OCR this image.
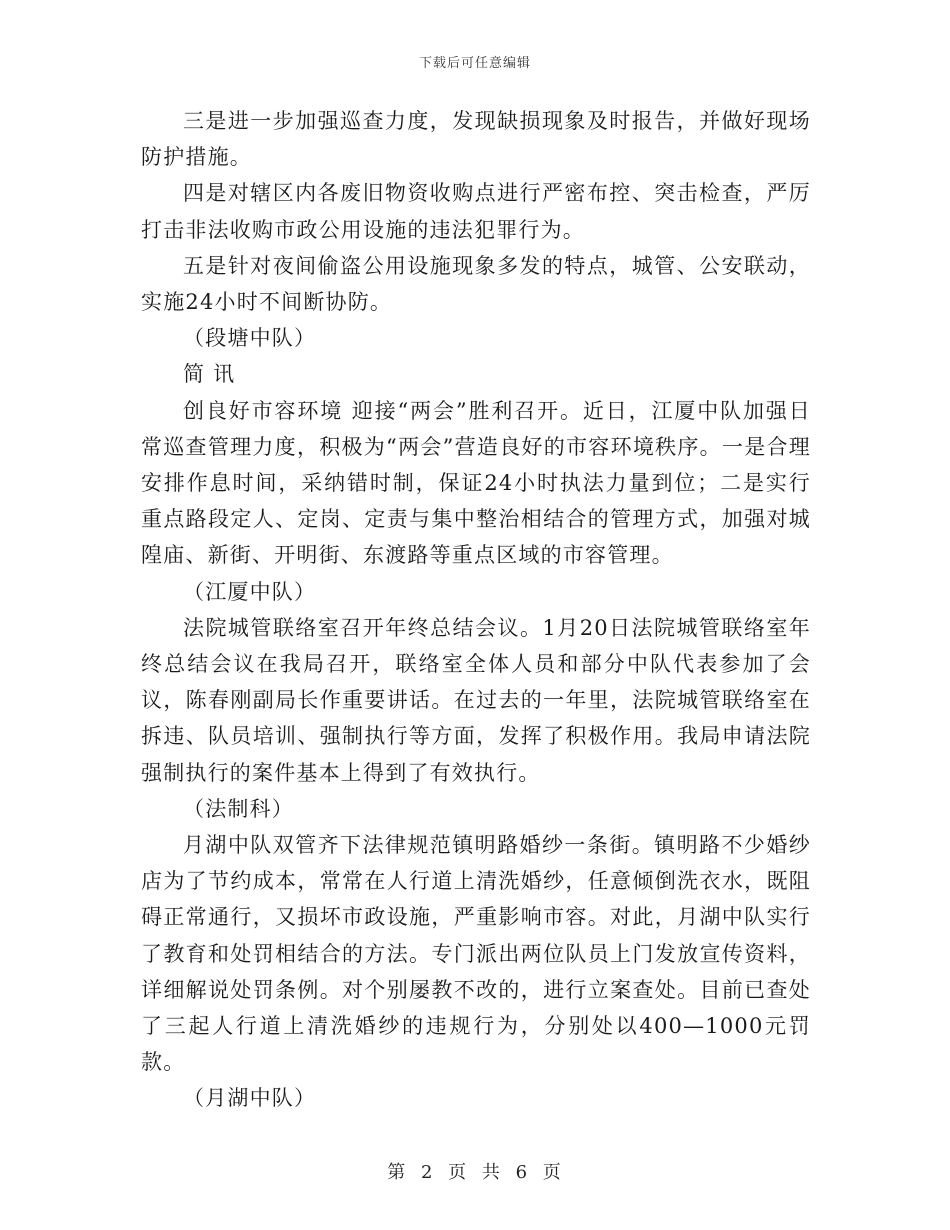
下载后可任意编辑

三是进一步加强巡查力度，发现缺损现象及时报告，并做好现场防护措施。

四是对辖区内各废旧物资收购点进行严密布控、突击检查，严厉打击非法收购市政公用设施的违法犯罪行为。

五是针对夜间偷盗公用设施现象多发的特点，城管、公安联动，实施24小时不间断协防。

（段塘中队）

简 讯

创良好市容环境 迎接“两会”胜利召开。近日，江厦中队加强日常巡查管理力度，积极为“两会”营造良好的市容环境秩序。一是合理安排作息时间，采纳错时制，保证24小时执法力量到位；二是实行重点路段定人、定岗、定责与集中整治相结合的管理方式，加强对城隍庙、新街、开明街、东渡路等重点区域的市容管理。

（江厦中队）

法院城管联络室召开年终总结会议。1月20日法院城管联络室年终总结会议在我局召开，联络室全体人员和部分中队代表参加了会议，陈春刚副局长作重要讲话。在过去的一年里，法院城管联络室在拆违、队员培训、强制执行等方面，发挥了积极作用。我局申请法院强制执行的案件基本上得到了有效执行。

（法制科）

月湖中队双管齐下法律规范镇明路婚纱一条街。镇明路不少婚纱店为了节约成本，常常在人行道上清洗婚纱，任意倾倒洗衣水，既阻碍正常通行，又损坏市政设施，严重影响市容。对此，月湖中队实行了教育和处罚相结合的方法。专门派出两位队员上门发放宣传资料，详细解说处罚条例。对个别屡教不改的，进行立案查处。目前已查处了三起人行道上清洗婚纱的违规行为，分别处以400—1000元罚款。

（月湖中队）

第 2 页 共 6 页
